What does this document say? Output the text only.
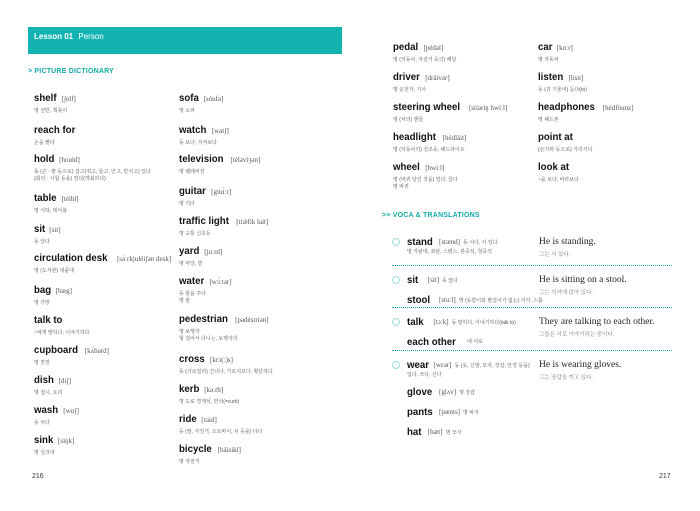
Lesson 01 Person
> PICTURE DICTIONARY
shelf [ʃelf]
명 선반, 책꽂이
reach for
손을 뻗다
hold [hould]
동 (손 · 팔 등으로) 잡고(쥐고, 들고, 안고, 받치고) 있다
(회의 · 시합 등을) 열다(개최하다)
table [téibl]
명 식탁, 테이블
sit [sit]
동 앉다
circulation desk [sə̀ːrkjuléiʃən desk]
명 (도서관) 대출대
bag [bæg]
명 가방
talk to
~에게 말하다, 이야기하다
cupboard [kʌ́bərd]
명 찬장
dish [diʃ]
명 접시, 요리
wash [wɑʃ]
동 씻다
sink [siŋk]
명 싱크대
sofa [sóufə]
명 소파
watch [watʃ]
동 보다, 지켜보다
television [téləvìʒən]
명 텔레비전
guitar [gitɑ́ːr]
명 기타
traffic light [trǽfik lait]
명 교통 신호등
yard [jɑːrd]
명 마당, 뜰
water [wɔ́ːtər]
동 물을 주다
명 물
pedestrian [pədéstriən]
명 보행자
형 걸어서 다니는, 보행자의
cross [krɔ(ː)s]
동 (가로질러) 건너다, 가로지르다, 횡단하다
kerb [kəːrb]
명 도로 경계석, 연석(=curb)
ride [raid]
동 (말, 자전거, 오토바이, 차 등을) 타다
bicycle [báisikl]
명 자전거
216
pedal [pédəl]
명 (자동차, 자전거 등의) 페달
driver [dráivər]
명 운전자, 기사
steering wheel [stíəriŋ hwiːl]
명 (차의) 핸들
headlight [hédlàit]
명 (자동차의) 전조등, 헤드라이트
wheel [hwiːl]
명 (바퀴 달린 것을) 밀다, 끌다
명 바퀴
car [kɑːr]
명 자동차
listen [lísn]
동 (귀 기울여) 듣다(to)
headphones [hédfòunz]
명 헤드폰
point at
(손가락 등으로) 가리키다
look at
~을 보다, 바라보다
217
>> VOCA & TRANSLATIONS
stand [stænd] 동 서다, 서 있다
명 가판대, 좌판, 스탠드, 관중석, 청중석
He is standing.
그는 서 있다.
sit [sit] 동 앉다
stool [stuːl] 명 (등받이와 팔걸이가 없는) 의자, 스툴
He is sitting on a stool.
그는 의자에 앉아 있다.
talk [tɔːk] 동 말하다, 이야기하다(talk to)
each other 대 서로
They are talking to each other.
그들은 서로 이야기하는 중이다.
wear [wɛər] 동 (옷, 신발, 모자, 장갑, 안경 등을)
입다, 쓰다, 신다
glove [glʌv] 명 장갑
pants [pænts] 명 바지
hat [hæt] 명 모자
He is wearing gloves.
그는 장갑을 끼고 있다.
